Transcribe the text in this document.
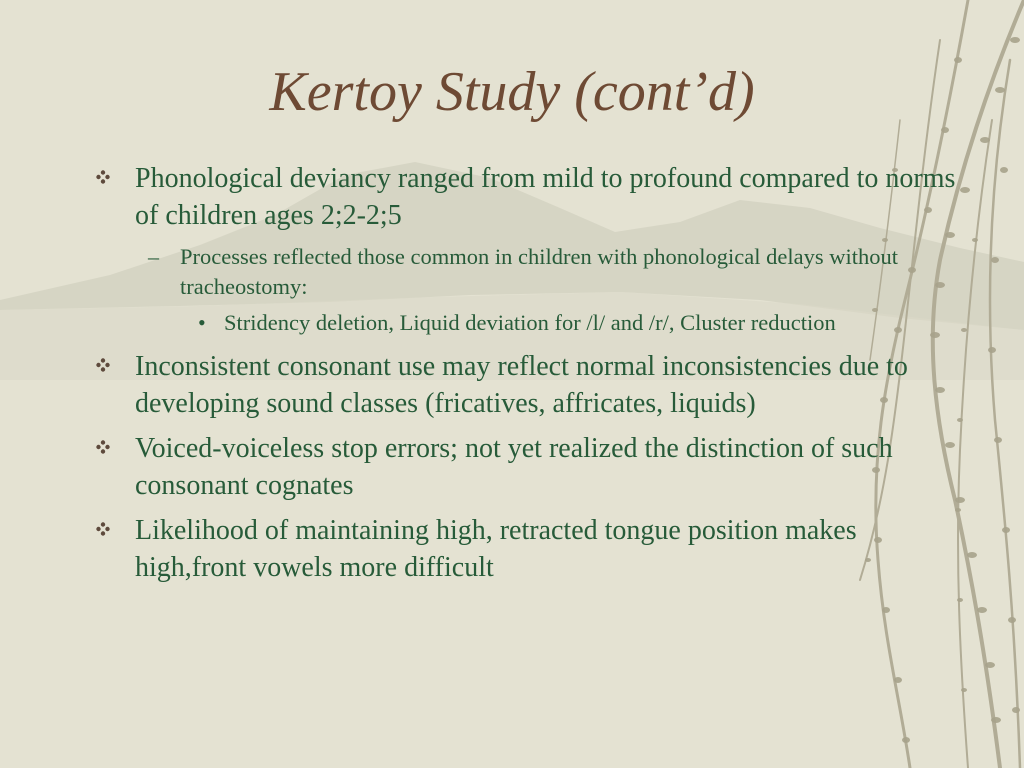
Kertoy Study (cont’d)
Phonological deviancy ranged from mild to profound compared to norms of children ages 2;2-2;5
– Processes reflected those common in children with phonological delays without tracheostomy:
• Stridency deletion, Liquid deviation for /l/ and /r/, Cluster reduction
Inconsistent consonant use may reflect normal inconsistencies due to developing sound classes (fricatives, affricates, liquids)
Voiced-voiceless stop errors; not yet realized the distinction of such consonant cognates
Likelihood of maintaining high, retracted tongue position makes high,front vowels more difficult
